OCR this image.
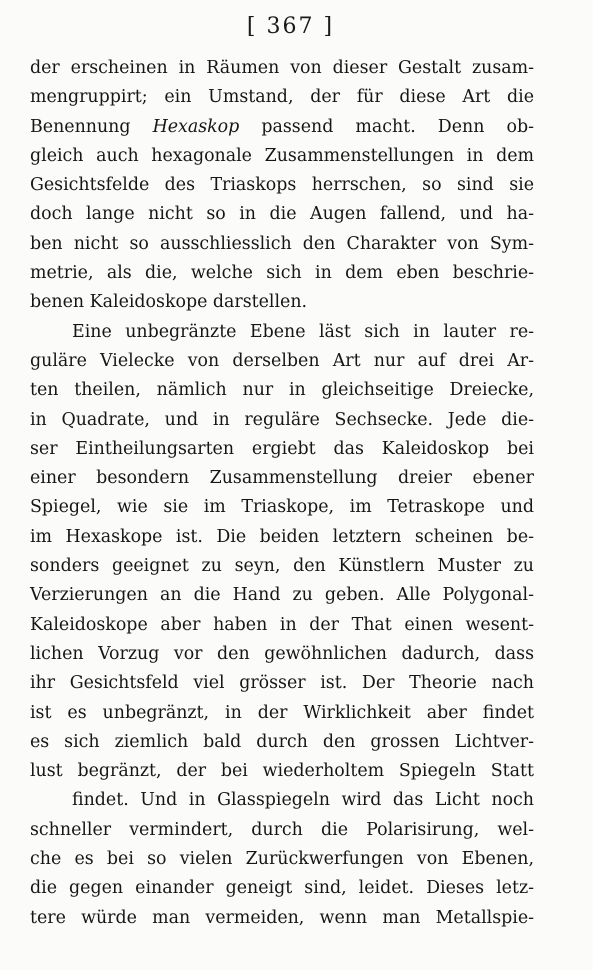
[ 367 ]
der erscheinen in Räumen von dieser Gestalt zusam-
mengruppirt; ein Umstand, der für diese Art die
Benennung Hexaskop passend macht. Denn ob-
gleich auch hexagonale Zusammenstellungen in dem
Gesichtsfelde des Triaskops herrschen, so sind sie
doch lange nicht so in die Augen fallend, und ha-
ben nicht so ausschliesslich den Charakter von Sym-
metrie, als die, welche sich in dem eben beschrie-
benen Kaleidoskope darstellen.
Eine unbegränzte Ebene läst sich in lauter re-
guläre Vielecke von derselben Art nur auf drei Ar-
ten theilen, nämlich nur in gleichseitige Dreiecke,
in Quadrate, und in reguläre Sechsecke. Jede die-
ser Eintheilungsarten ergiebt das Kaleidoskop bei
einer besondern Zusammenstellung dreier ebener
Spiegel, wie sie im Triaskope, im Tetraskope und
im Hexaskope ist. Die beiden letztern scheinen be-
sonders geeignet zu seyn, den Künstlern Muster zu
Verzierungen an die Hand zu geben. Alle Polygonal-
Kaleidoskope aber haben in der That einen wesent-
lichen Vorzug vor den gewöhnlichen dadurch, dass
ihr Gesichtsfeld viel grösser ist. Der Theorie nach
ist es unbegränzt, in der Wirklichkeit aber findet
es sich ziemlich bald durch den grossen Lichtver-
lust begränzt, der bei wiederholtem Spiegeln Statt
findet. Und in Glasspiegeln wird das Licht noch
schneller vermindert, durch die Polarisirung, wel-
che es bei so vielen Zurückwerfungen von Ebenen,
die gegen einander geneigt sind, leidet. Dieses letz-
tere würde man vermeiden, wenn man Metallspie-
